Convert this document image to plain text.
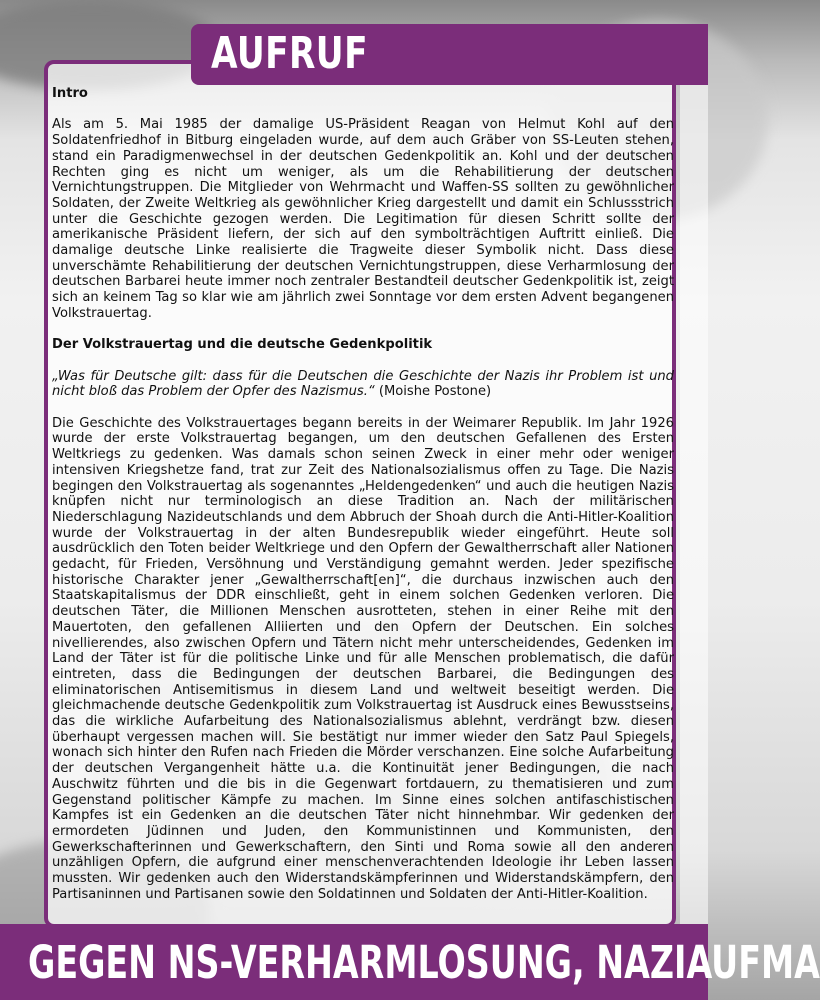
AUFRUF

Intro

Als am 5. Mai 1985 der damalige US-Präsident Reagan von Helmut Kohl auf den Soldatenfriedhof in Bitburg eingeladen wurde, auf dem auch Gräber von SS-Leuten stehen, stand ein Paradigmenwechsel in der deutschen Gedenkpolitik an. Kohl und der deutschen Rechten ging es nicht um weniger, als um die Rehabilitierung der deutschen Vernichtungstruppen. Die Mitglieder von Wehrmacht und Waffen-SS sollten zu gewöhnlicher Soldaten, der Zweite Weltkrieg als gewöhnlicher Krieg dargestellt und damit ein Schlussstrich unter die Geschichte gezogen werden. Die Legitimation für diesen Schritt sollte der amerikanische Präsident liefern, der sich auf den symbolträchtigen Auftritt einließ. Die damalige deutsche Linke realisierte die Tragweite dieser Symbolik nicht. Dass diese unverschämte Rehabilitierung der deutschen Vernichtungstruppen, diese Verharmlosung der deutschen Barbarei heute immer noch zentraler Bestandteil deutscher Gedenkpolitik ist, zeigt sich an keinem Tag so klar wie am jährlich zwei Sonntage vor dem ersten Advent begangenen Volkstrauertag.

Der Volkstrauertag und die deutsche Gedenkpolitik

„Was für Deutsche gilt: dass für die Deutschen die Geschichte der Nazis ihr Problem ist und nicht bloß das Problem der Opfer des Nazismus.“ (Moishe Postone)

Die Geschichte des Volkstrauertages begann bereits in der Weimarer Republik. Im Jahr 1926 wurde der erste Volkstrauertag begangen, um den deutschen Gefallenen des Ersten Weltkriegs zu gedenken. Was damals schon seinen Zweck in einer mehr oder weniger intensiven Kriegshetze fand, trat zur Zeit des Nationalsozialismus offen zu Tage. Die Nazis begingen den Volkstrauertag als sogenanntes „Heldengedenken“ und auch die heutigen Nazis knüpfen nicht nur terminologisch an diese Tradition an. Nach der militärischen Niederschlagung Nazideutschlands und dem Abbruch der Shoah durch die Anti-Hitler-Koalition wurde der Volkstrauertag in der alten Bundesrepublik wieder eingeführt. Heute soll ausdrücklich den Toten beider Weltkriege und den Opfern der Gewaltherrschaft aller Nationen gedacht, für Frieden, Versöhnung und Verständigung gemahnt werden. Jeder spezifische historische Charakter jener „Gewaltherrschaft[en]“, die durchaus inzwischen auch den Staatskapitalismus der DDR einschließt, geht in einem solchen Gedenken verloren. Die deutschen Täter, die Millionen Menschen ausrotteten, stehen in einer Reihe mit den Mauertoten, den gefallenen Alliierten und den Opfern der Deutschen. Ein solches nivellierendes, also zwischen Opfern und Tätern nicht mehr unterscheidendes, Gedenken im Land der Täter ist für die politische Linke und für alle Menschen problematisch, die dafür eintreten, dass die Bedingungen der deutschen Barbarei, die Bedingungen des eliminatorischen Antisemitismus in diesem Land und weltweit beseitigt werden. Die gleichmachende deutsche Gedenkpolitik zum Volkstrauertag ist Ausdruck eines Bewusstseins, das die wirkliche Aufarbeitung des Nationalsozialismus ablehnt, verdrängt bzw. diesen überhaupt vergessen machen will. Sie bestätigt nur immer wieder den Satz Paul Spiegels, wonach sich hinter den Rufen nach Frieden die Mörder verschanzen. Eine solche Aufarbeitung der deutschen Vergangenheit hätte u.a. die Kontinuität jener Bedingungen, die nach Auschwitz führten und die bis in die Gegenwart fortdauern, zu thematisieren und zum Gegenstand politischer Kämpfe zu machen. Im Sinne eines solchen antifaschistischen Kampfes ist ein Gedenken an die deutschen Täter nicht hinnehmbar. Wir gedenken der ermordeten Jüdinnen und Juden, den Kommunistinnen und Kommunisten, den Gewerkschafterinnen und Gewerkschaftern, den Sinti und Roma sowie all den anderen unzähligen Opfern, die aufgrund einer menschenverachtenden Ideologie ihr Leben lassen mussten. Wir gedenken auch den Widerstandskämpferinnen und Widerstandskämpfern, den Partisaninnen und Partisanen sowie den Soldatinnen und Soldaten der Anti-Hitler-Koalition.

GEGEN NS-VERHARMLOSUNG, NAZIAUFMA
